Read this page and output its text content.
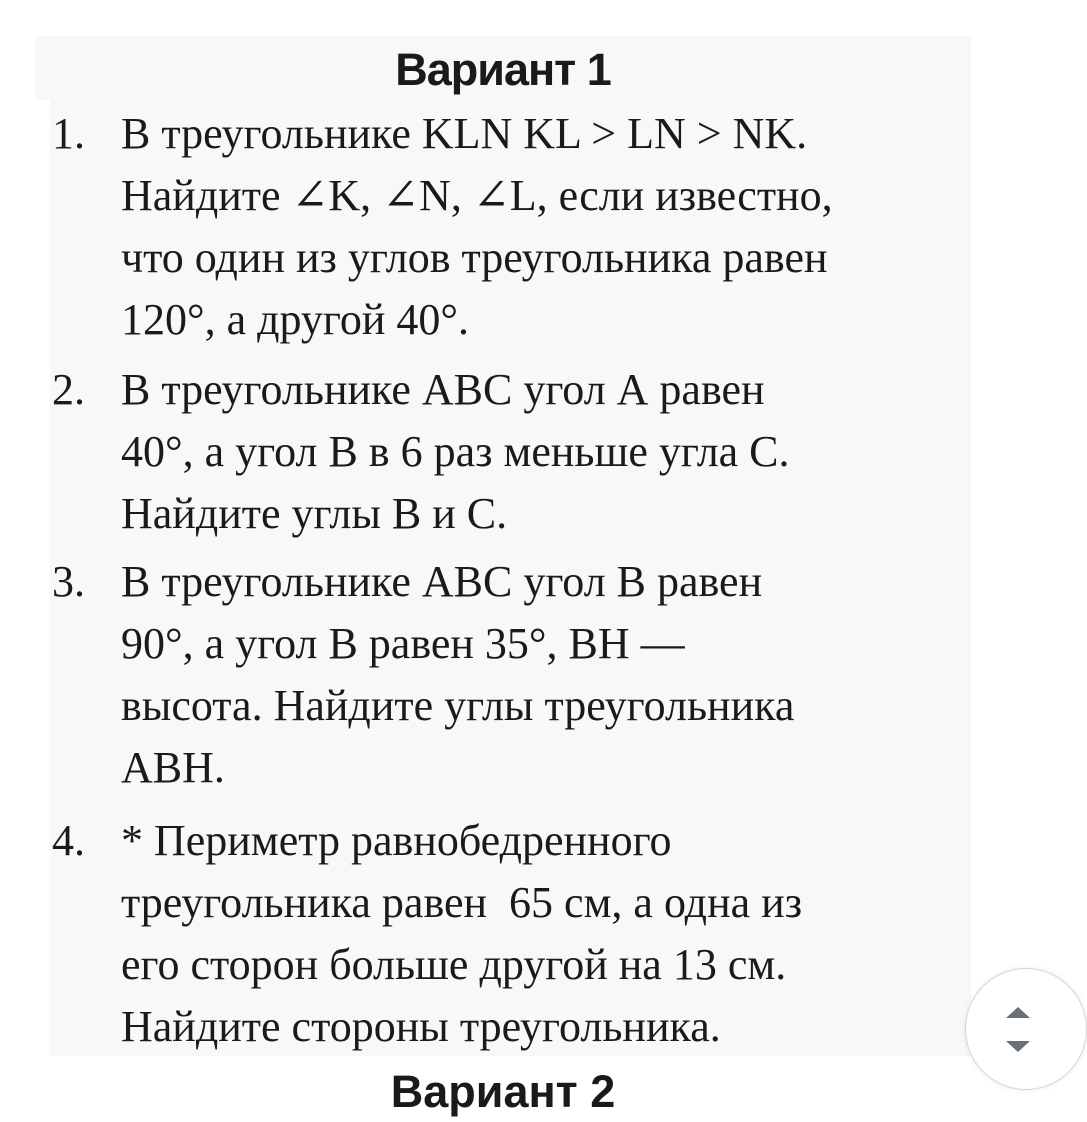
Вариант 1
1. В треугольнике KLN KL > LN > NK.
Найдите ∠K, ∠N, ∠L, если известно,
что один из углов треугольника равен
120°, а другой 40°.
2. В треугольнике АВС угол А равен
40°, а угол В в 6 раз меньше угла С.
Найдите углы В и С.
3. В треугольнике АВС угол В равен
90°, а угол В равен 35°, ВН —
высота. Найдите углы треугольника
АВН.
4. * Периметр равнобедренного
треугольника равен  65 см, а одна из
его сторон больше другой на 13 см.
Найдите стороны треугольника.
Вариант 2
